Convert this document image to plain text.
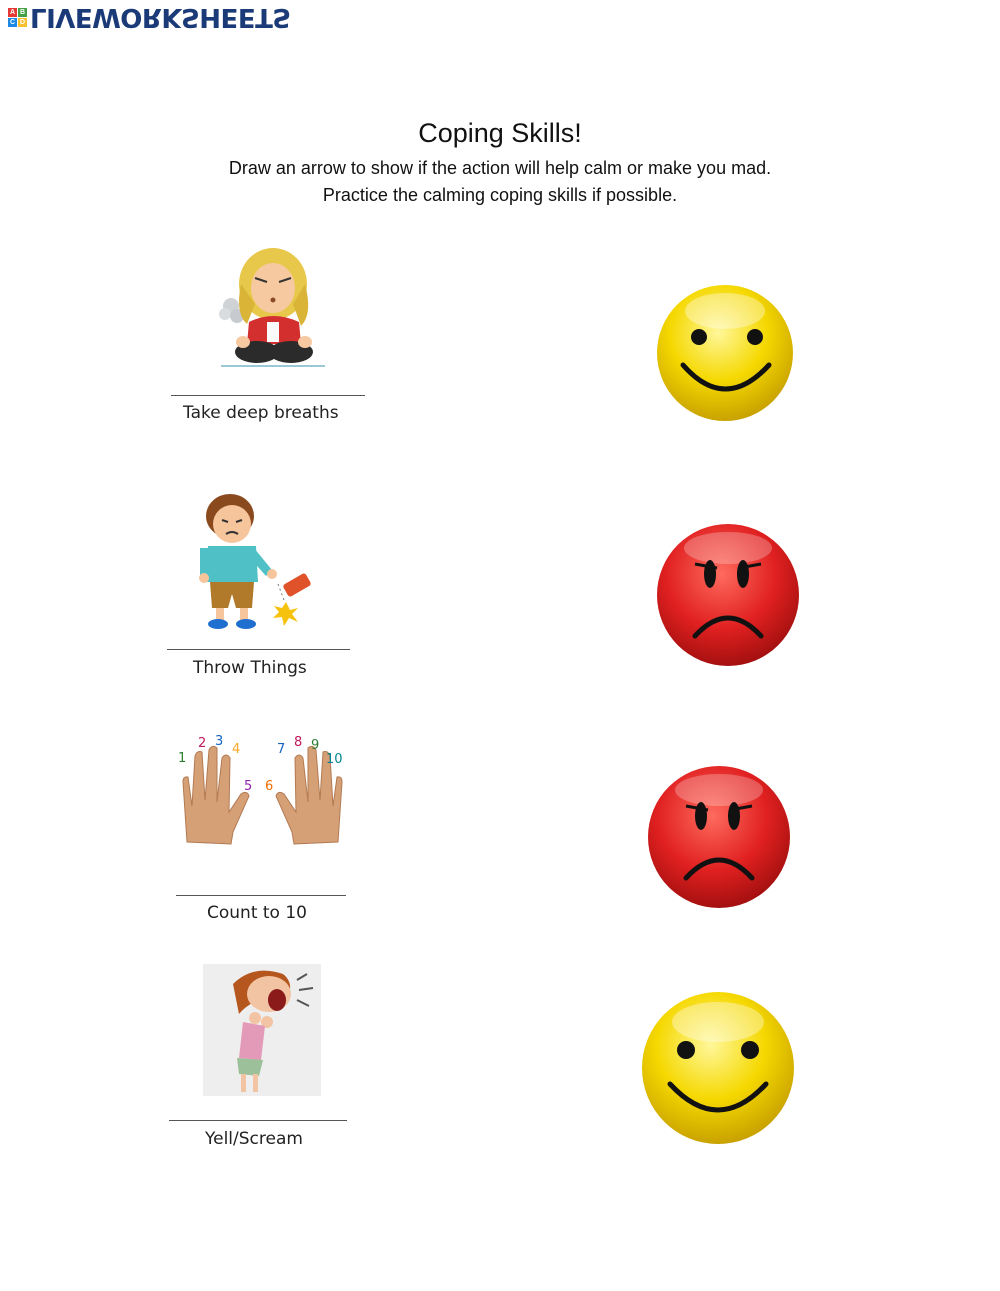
A B
C D LIVEWORKSHEETS
Coping Skills!
Draw an arrow to show if the action will help calm or make you mad.
Practice the calming coping skills if possible.
Take deep breaths
Throw Things
1
2 3
4
5 6
7 8 9
10
Count to 10
Yell/Scream
